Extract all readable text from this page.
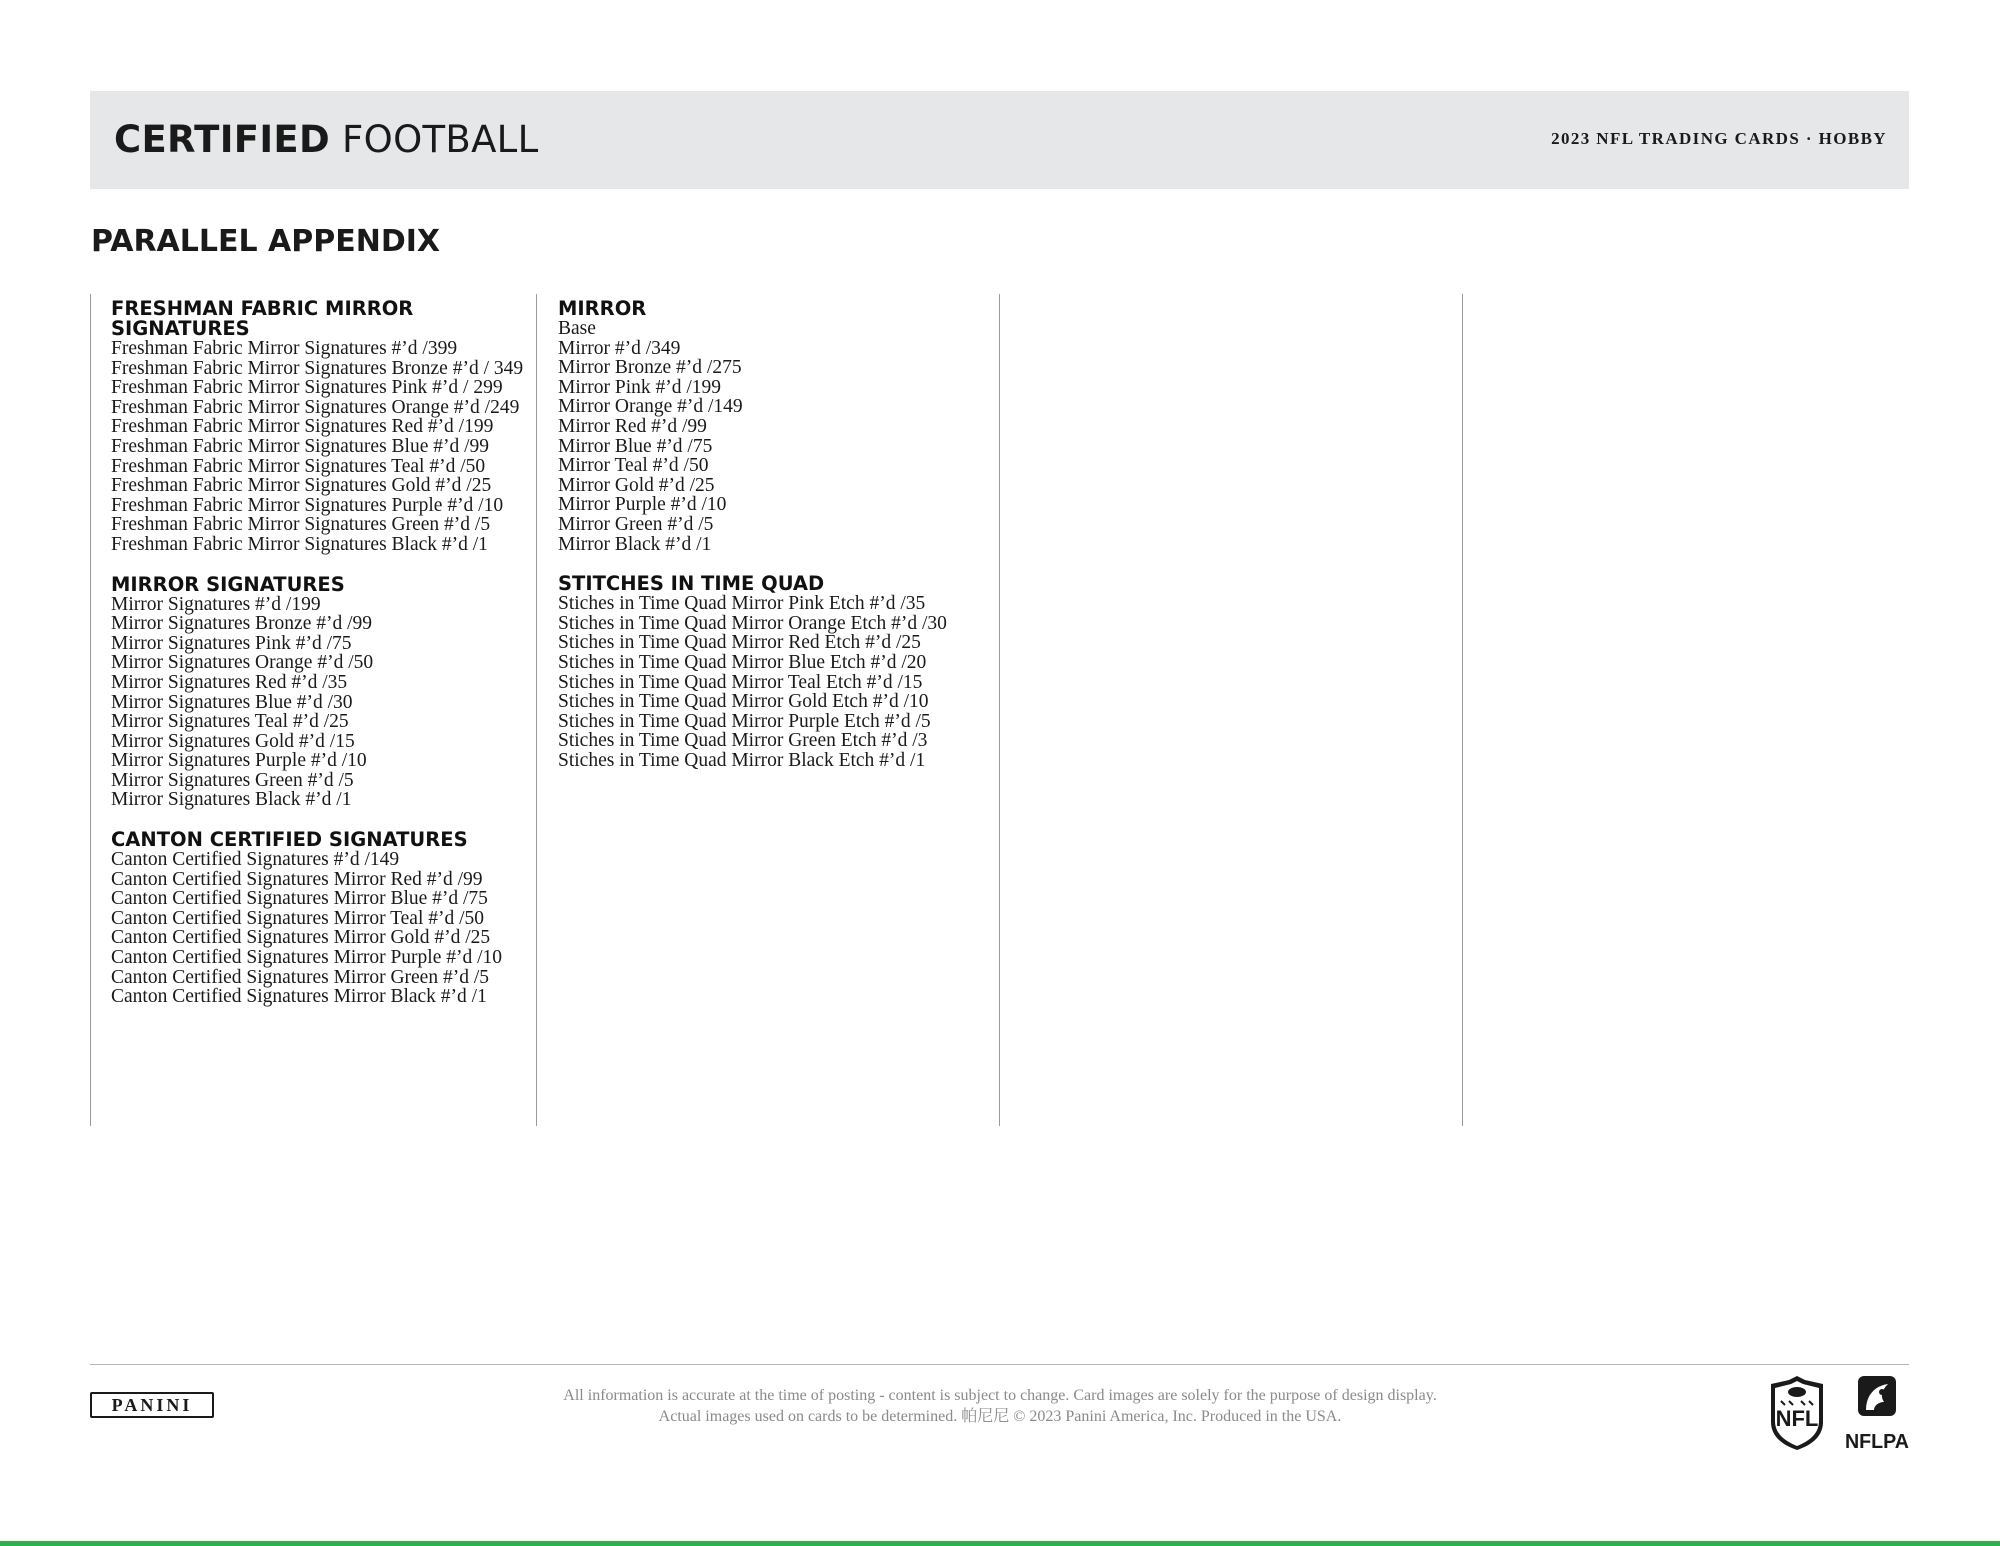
CERTIFIED FOOTBALL	2023 NFL TRADING CARDS · HOBBY
PARALLEL APPENDIX
FRESHMAN FABRIC MIRROR SIGNATURES
Freshman Fabric Mirror Signatures #’d /399
Freshman Fabric Mirror Signatures Bronze #’d / 349
Freshman Fabric Mirror Signatures Pink #’d / 299
Freshman Fabric Mirror Signatures Orange #’d /249
Freshman Fabric Mirror Signatures Red #’d /199
Freshman Fabric Mirror Signatures Blue #’d /99
Freshman Fabric Mirror Signatures Teal #’d /50
Freshman Fabric Mirror Signatures Gold #’d /25
Freshman Fabric Mirror Signatures Purple #’d /10
Freshman Fabric Mirror Signatures Green #’d /5
Freshman Fabric Mirror Signatures Black #’d /1
MIRROR SIGNATURES
Mirror Signatures #’d /199
Mirror Signatures Bronze #’d /99
Mirror Signatures Pink #’d /75
Mirror Signatures Orange #’d /50
Mirror Signatures Red #’d /35
Mirror Signatures Blue #’d /30
Mirror Signatures Teal #’d /25
Mirror Signatures Gold #’d /15
Mirror Signatures Purple #’d /10
Mirror Signatures Green #’d /5
Mirror Signatures Black #’d /1
CANTON CERTIFIED SIGNATURES
Canton Certified Signatures #’d /149
Canton Certified Signatures Mirror Red #’d /99
Canton Certified Signatures Mirror Blue #’d /75
Canton Certified Signatures Mirror Teal #’d /50
Canton Certified Signatures Mirror Gold #’d /25
Canton Certified Signatures Mirror Purple #’d /10
Canton Certified Signatures Mirror Green #’d /5
Canton Certified Signatures Mirror Black #’d /1
MIRROR
Base
Mirror #’d /349
Mirror Bronze #’d /275
Mirror Pink #’d /199
Mirror Orange #’d /149
Mirror Red #’d /99
Mirror Blue #’d /75
Mirror Teal #’d /50
Mirror Gold #’d /25
Mirror Purple #’d /10
Mirror Green #’d /5
Mirror Black #’d /1
STITCHES IN TIME QUAD
Stiches in Time Quad Mirror Pink Etch #’d /35
Stiches in Time Quad Mirror Orange Etch #’d /30
Stiches in Time Quad Mirror Red Etch #’d /25
Stiches in Time Quad Mirror Blue Etch #’d /20
Stiches in Time Quad Mirror Teal Etch #’d /15
Stiches in Time Quad Mirror Gold Etch #’d /10
Stiches in Time Quad Mirror Purple Etch #’d /5
Stiches in Time Quad Mirror Green Etch #’d /3
Stiches in Time Quad Mirror Black Etch #’d /1
PANINI	All information is accurate at the time of posting - content is subject to change. Card images are solely for the purpose of design display.
Actual images used on cards to be determined. 帕尼尼 © 2023 Panini America, Inc. Produced in the USA.	NFL
NFLPA
